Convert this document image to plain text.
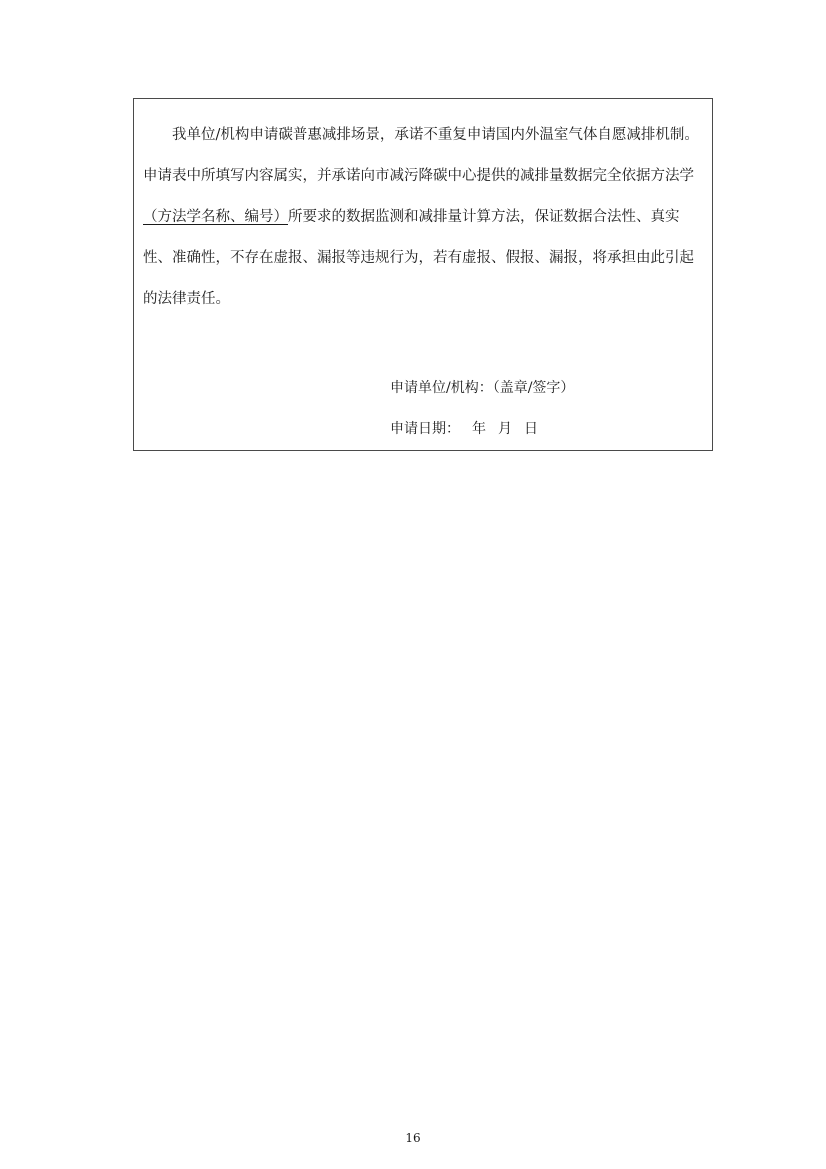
我单位/机构申请碳普惠减排场景，承诺不重复申请国内外温室气体自愿减排机制。
申请表中所填写内容属实，并承诺向市减污降碳中心提供的减排量数据完全依据方法学
（方法学名称、编号）所要求的数据监测和减排量计算方法，保证数据合法性、真实
性、准确性，不存在虚报、漏报等违规行为，若有虚报、假报、漏报，将承担由此引起
的法律责任。
申请单位/机构：（盖章/签字）
申请日期： 年 月 日
16
